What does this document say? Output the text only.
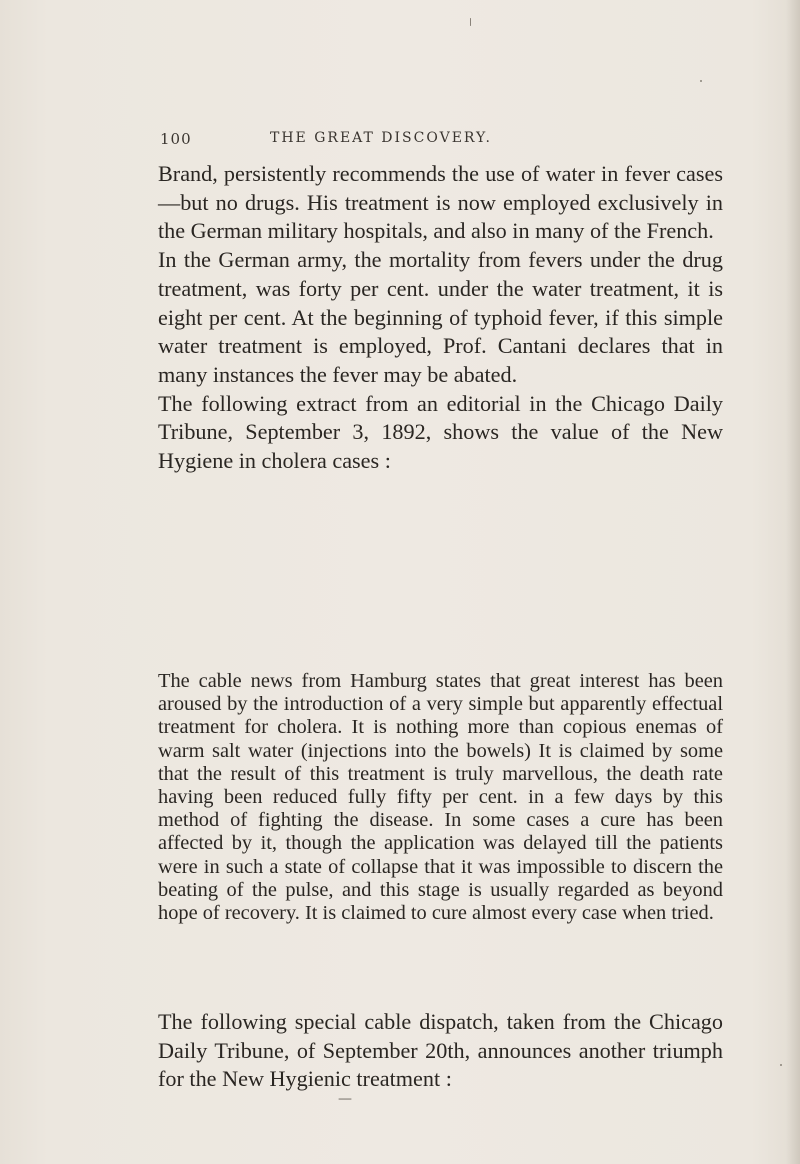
100	THE GREAT DISCOVERY.

Brand, persistently recommends the use of water in fever cases—but no drugs. His treatment is now employed exclusively in the German military hospitals, and also in many of the French.

In the German army, the mortality from fevers under the drug treatment, was forty per cent. under the water treatment, it is eight per cent. At the beginning of typhoid fever, if this simple water treatment is employed, Prof. Cantani declares that in many instances the fever may be abated.

The following extract from an editorial in the Chicago Daily Tribune, September 3, 1892, shows the value of the New Hygiene in cholera cases :

The cable news from Hamburg states that great interest has been aroused by the introduction of a very simple but apparently effectual treatment for cholera. It is nothing more than copious enemas of warm salt water (injections into the bowels) It is claimed by some that the result of this treatment is truly marvellous, the death rate having been reduced fully fifty per cent. in a few days by this method of fighting the disease. In some cases a cure has been affected by it, though the application was delayed till the patients were in such a state of collapse that it was impossible to discern the beating of the pulse, and this stage is usually regarded as beyond hope of recovery. It is claimed to cure almost every case when tried.

The following special cable dispatch, taken from the Chicago Daily Tribune, of September 20th, announces another triumph for the New Hygienic treatment :

—
